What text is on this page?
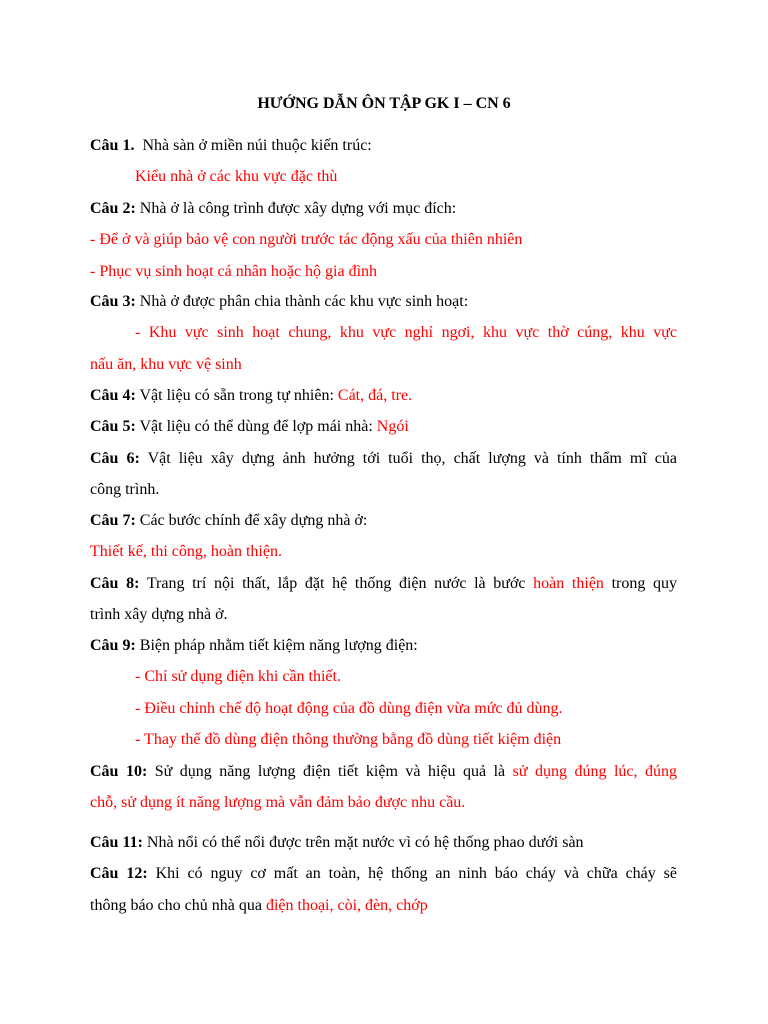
HƯỚNG DẪN ÔN TẬP GK I – CN 6
Câu 1. Nhà sàn ở miền núi thuộc kiến trúc:
Kiểu nhà ở các khu vực đặc thù
Câu 2: Nhà ở là công trình được xây dựng với mục đích:
- Để ở và giúp bảo vệ con người trước tác động xấu của thiên nhiên
- Phục vụ sinh hoạt cá nhân hoặc hộ gia đình
Câu 3: Nhà ở được phân chia thành các khu vực sinh hoạt:
- Khu vực sinh hoạt chung, khu vực nghỉ ngơi, khu vực thờ cúng, khu vực
nấu ăn, khu vực vệ sinh
Câu 4: Vật liệu có sẵn trong tự nhiên: Cát, đá, tre.
Câu 5: Vật liệu có thể dùng để lợp mái nhà: Ngói
Câu 6: Vật liệu xây dựng ảnh hưởng tới tuổi thọ, chất lượng và tính thẩm mĩ của
công trình.
Câu 7: Các bước chính để xây dựng nhà ở:
Thiết kế, thi công, hoàn thiện.
Câu 8: Trang trí nội thất, lắp đặt hệ thống điện nước là bước hoàn thiện trong quy
trình xây dựng nhà ở.
Câu 9: Biện pháp nhằm tiết kiệm năng lượng điện:
- Chỉ sử dụng điện khi cần thiết.
- Điều chỉnh chế độ hoạt động của đồ dùng điện vừa mức đủ dùng.
- Thay thế đồ dùng điện thông thường bằng đồ dùng tiết kiệm điện
Câu 10: Sử dụng năng lượng điện tiết kiệm và hiệu quả là sử dụng đúng lúc, đúng
chỗ, sử dụng ít năng lượng mà vẫn đảm bảo được nhu cầu.
Câu 11: Nhà nổi có thể nổi được trên mặt nước vì có hệ thống phao dưới sàn
Câu 12: Khi có nguy cơ mất an toàn, hệ thống an ninh báo cháy và chữa cháy sẽ
thông báo cho chủ nhà qua điện thoại, còi, đèn, chớp
